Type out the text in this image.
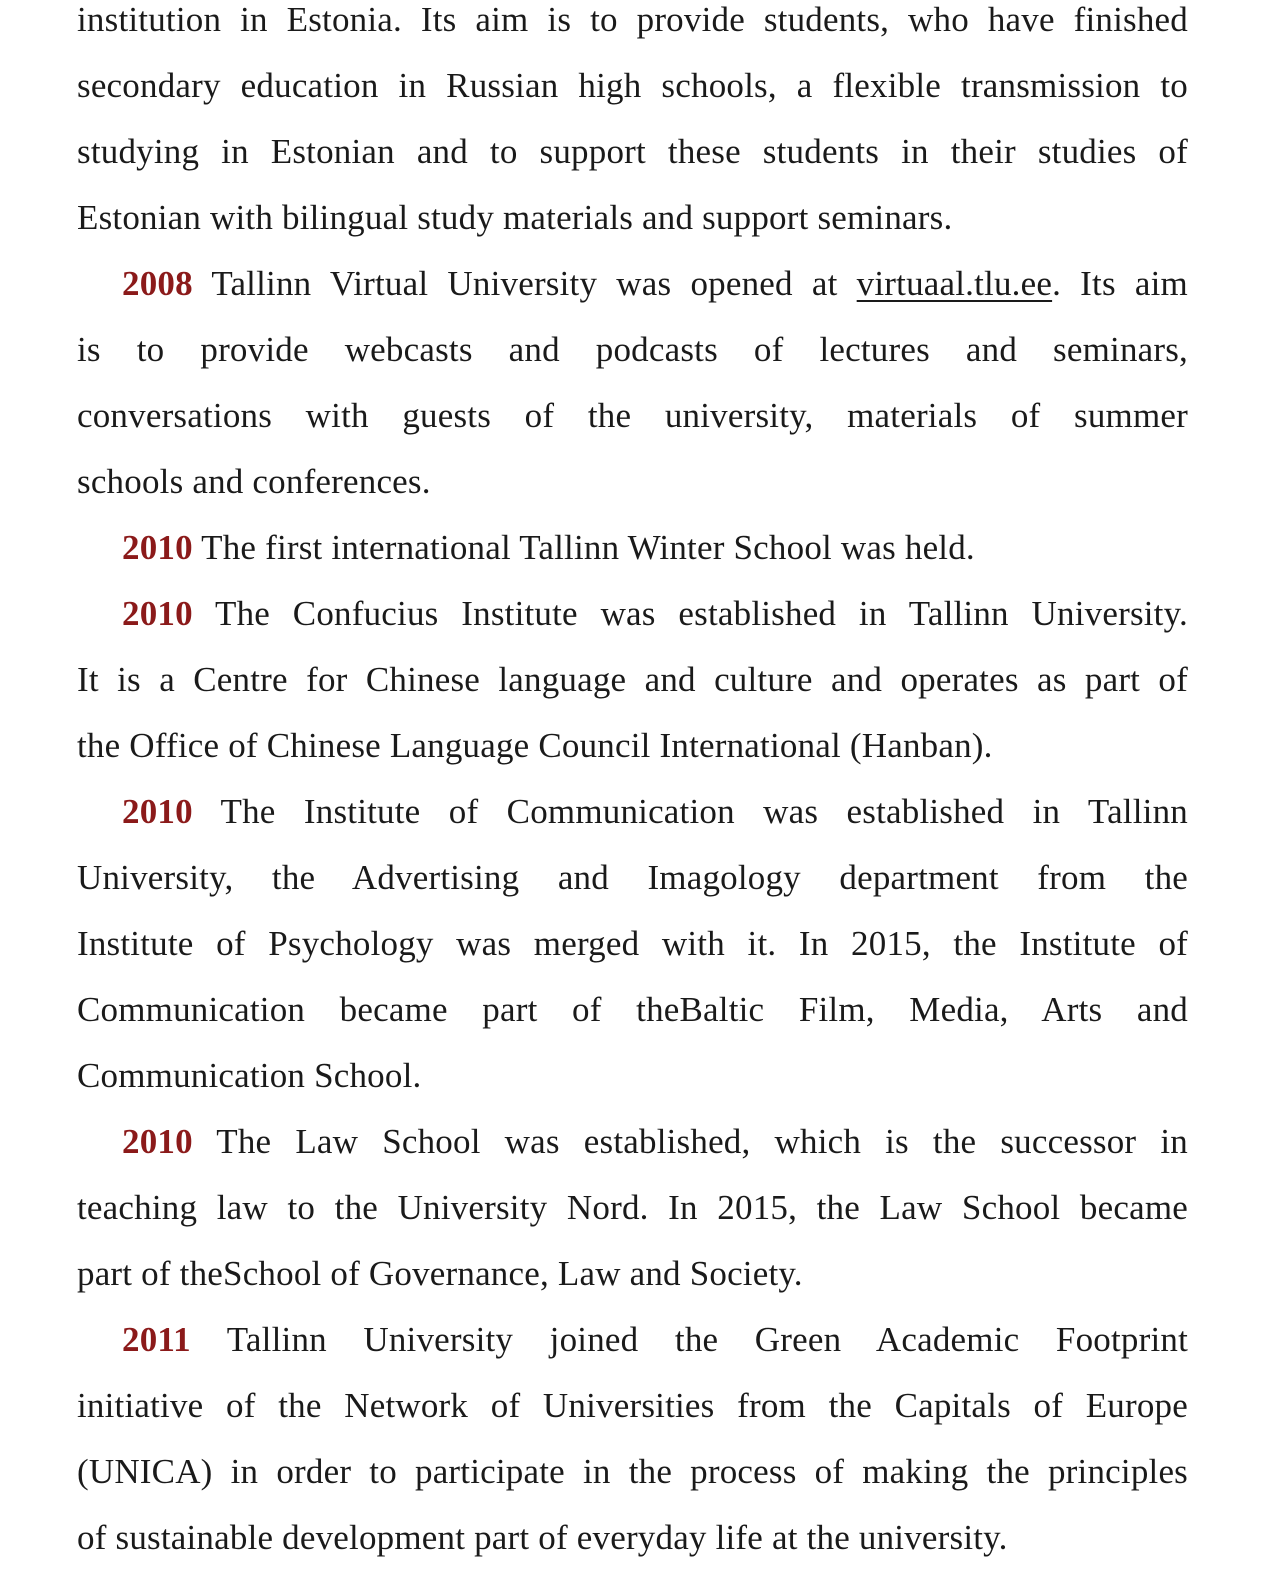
institution in Estonia. Its aim is to provide students, who have finished
secondary education in Russian high schools, a flexible transmission to
studying in Estonian and to support these students in their studies of
Estonian with bilingual study materials and support seminars.
2008 Tallinn Virtual University was opened at virtuaal.tlu.ee. Its aim
is to provide webcasts and podcasts of lectures and seminars,
conversations with guests of the university, materials of summer
schools and conferences.
2010 The first international Tallinn Winter School was held.
2010 The Confucius Institute was established in Tallinn University.
It is a Centre for Chinese language and culture and operates as part of
the Office of Chinese Language Council International (Hanban).
2010 The Institute of Communication was established in Tallinn
University, the Advertising and Imagology department from the
Institute of Psychology was merged with it. In 2015, the Institute of
Communication became part of theBaltic Film, Media, Arts and
Communication School.
2010 The Law School was established, which is the successor in
teaching law to the University Nord. In 2015, the Law School became
part of theSchool of Governance, Law and Society.
2011 Tallinn University joined the Green Academic Footprint
initiative of the Network of Universities from the Capitals of Europe
(UNICA) in order to participate in the process of making the principles
of sustainable development part of everyday life at the university.
